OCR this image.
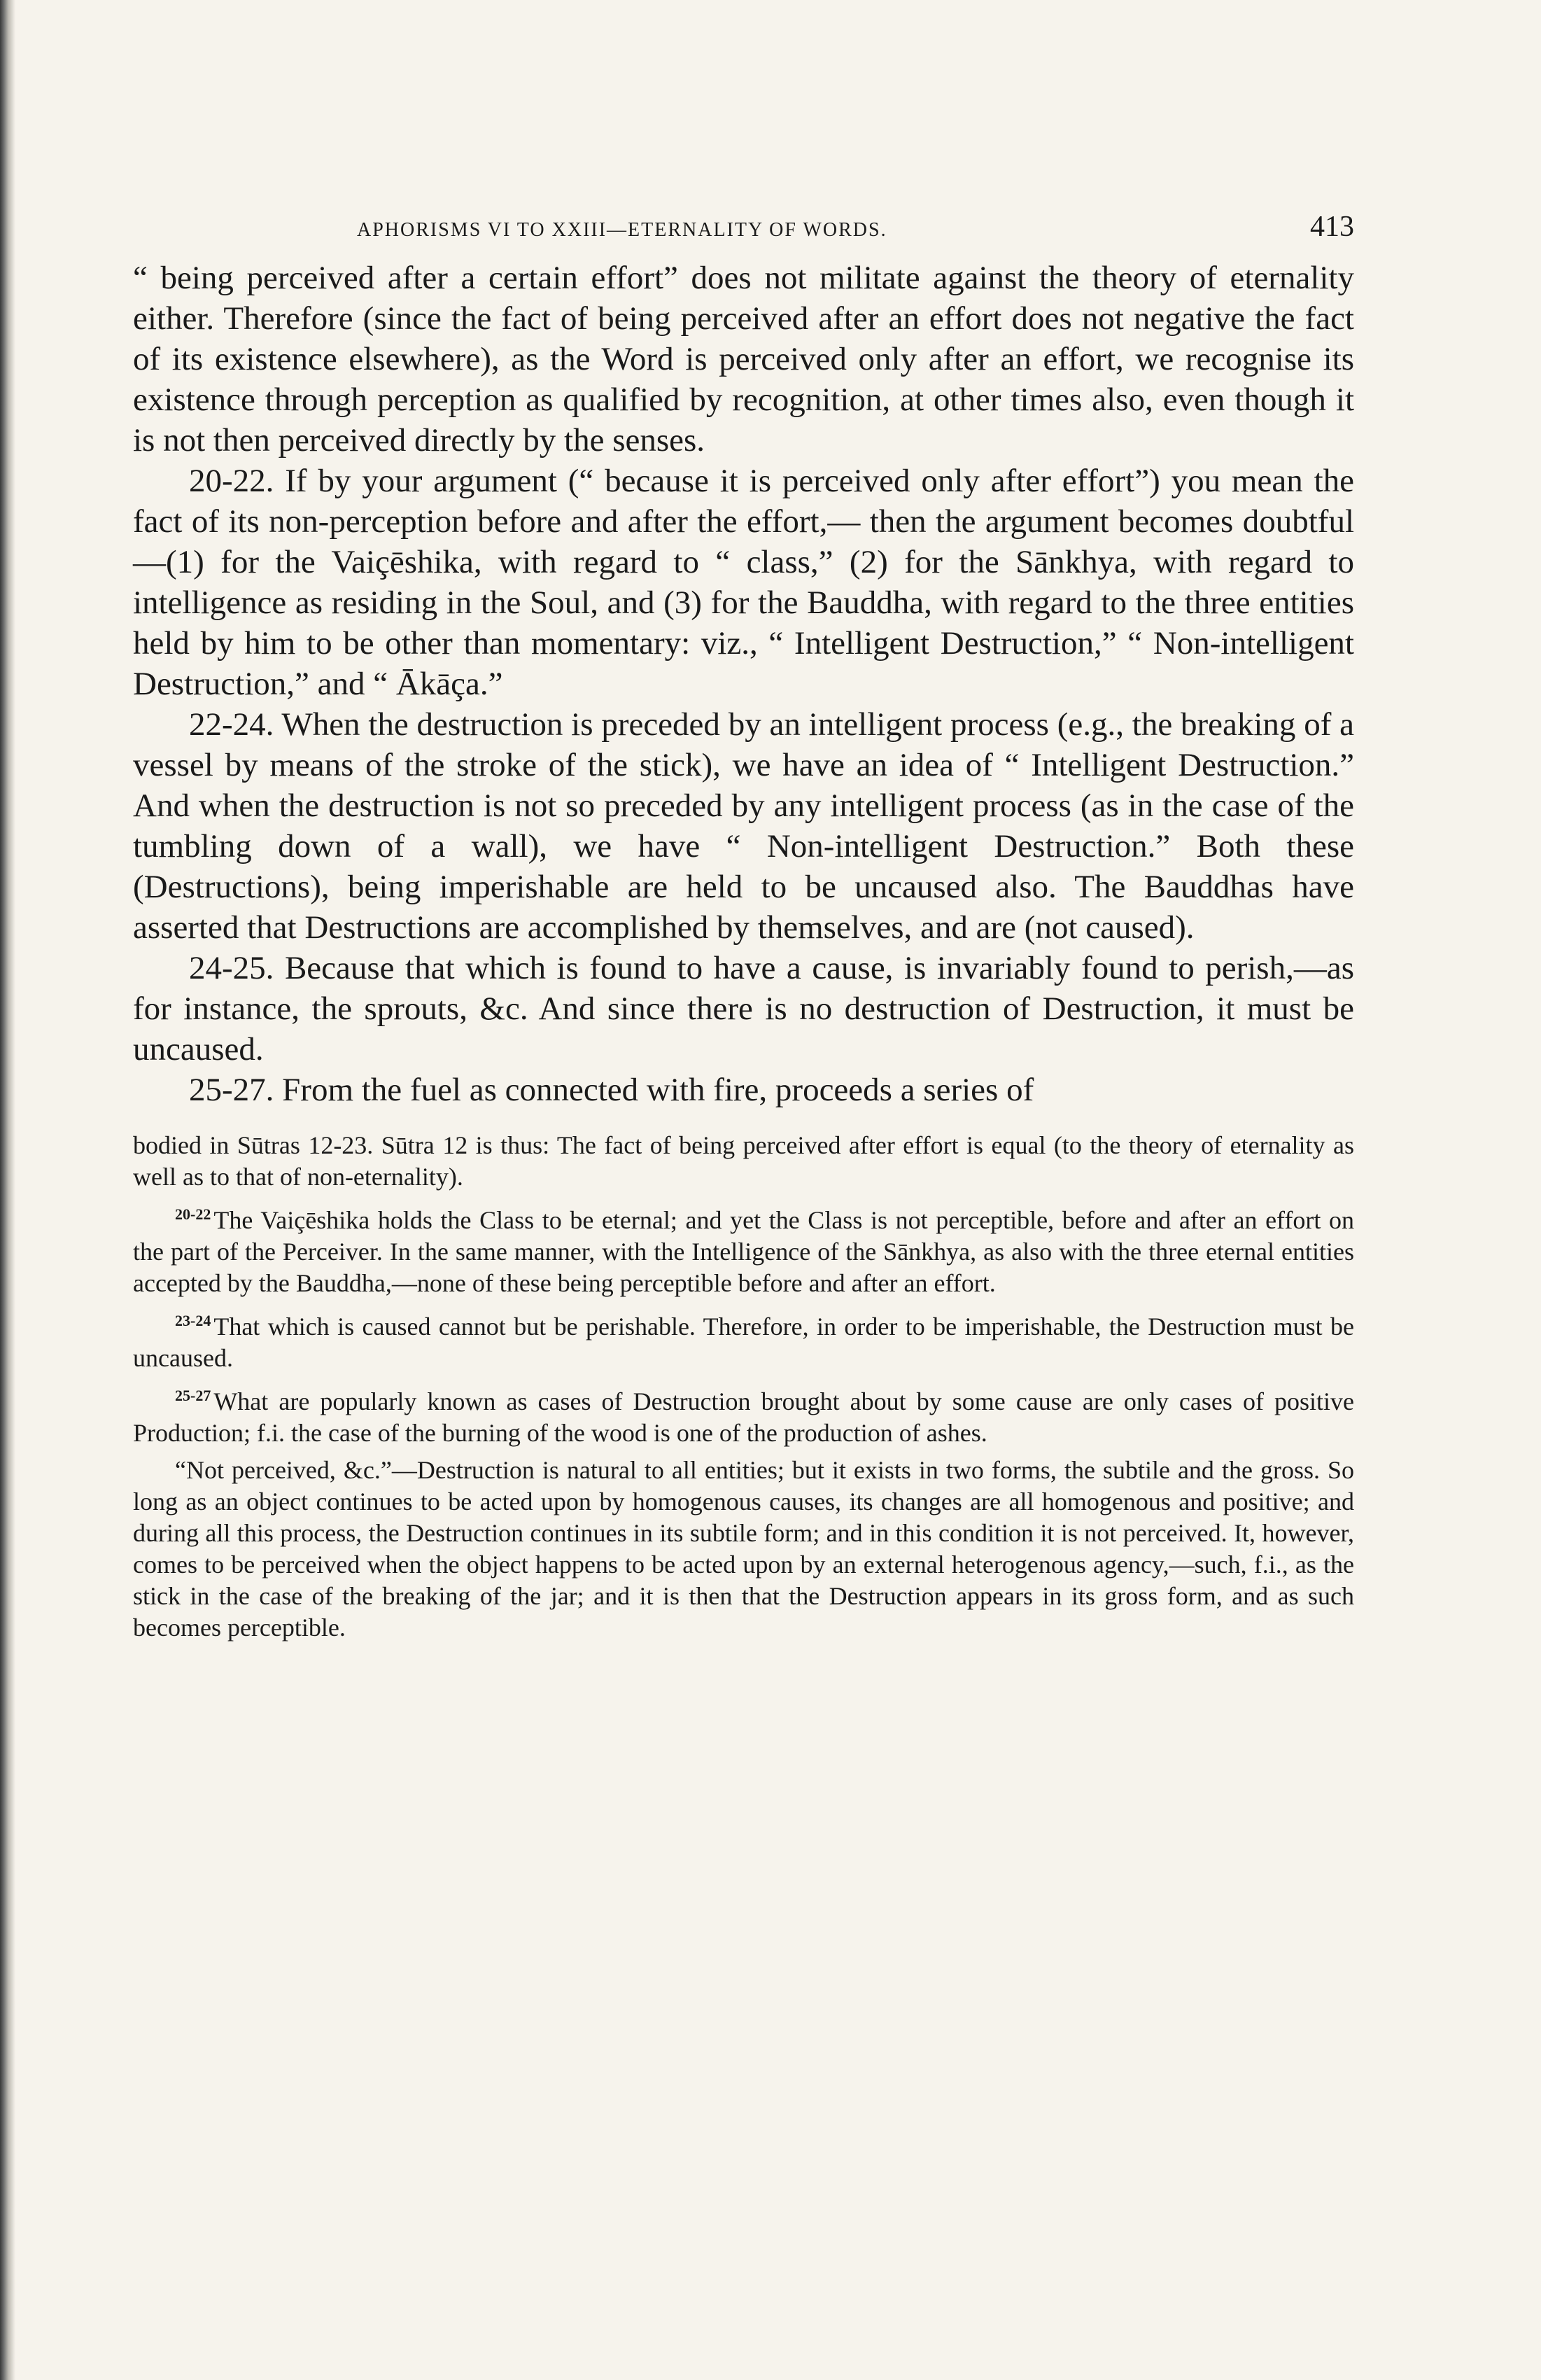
APHORISMS VI TO XXIII—ETERNALITY OF WORDS.	413

“ being perceived after a certain effort” does not militate against the theory of eternality either. Therefore (since the fact of being perceived after an effort does not negative the fact of its existence elsewhere), as the Word is perceived only after an effort, we recognise its existence through perception as qualified by recognition, at other times also, even though it is not then perceived directly by the senses.

20-22. If by your argument (“ because it is perceived only after effort”) you mean the fact of its non-perception before and after the effort,— then the argument becomes doubtful—(1) for the Vaiçēshika, with regard to “ class,” (2) for the Sānkhya, with regard to intelligence as residing in the Soul, and (3) for the Bauddha, with regard to the three entities held by him to be other than momentary: viz., “ Intelligent Destruction,” “ Non-intelligent Destruction,” and “ Ākāça.”

22-24. When the destruction is preceded by an intelligent process (e.g., the breaking of a vessel by means of the stroke of the stick), we have an idea of “ Intelligent Destruction.” And when the destruction is not so preceded by any intelligent process (as in the case of the tumbling down of a wall), we have “ Non-intelligent Destruction.” Both these (Destructions), being imperishable are held to be uncaused also. The Bauddhas have asserted that Destructions are accomplished by themselves, and are (not caused).

24-25. Because that which is found to have a cause, is invariably found to perish,—as for instance, the sprouts, &c. And since there is no destruction of Destruction, it must be uncaused.

25-27. From the fuel as connected with fire, proceeds a series of

bodied in Sūtras 12-23. Sūtra 12 is thus: The fact of being perceived after effort is equal (to the theory of eternality as well as to that of non-eternality).

$^{20-22}$ The Vaiçēshika holds the Class to be eternal; and yet the Class is not perceptible, before and after an effort on the part of the Perceiver. In the same manner, with the Intelligence of the Sānkhya, as also with the three eternal entities accepted by the Bauddha,—none of these being perceptible before and after an effort.

$^{23-24}$ That which is caused cannot but be perishable. Therefore, in order to be imperishable, the Destruction must be uncaused.

$^{25-27}$ What are popularly known as cases of Destruction brought about by some cause are only cases of positive Production; f.i. the case of the burning of the wood is one of the production of ashes.

“Not perceived, &c.”—Destruction is natural to all entities; but it exists in two forms, the subtile and the gross. So long as an object continues to be acted upon by homogenous causes, its changes are all homogenous and positive; and during all this process, the Destruction continues in its subtile form; and in this condition it is not perceived. It, however, comes to be perceived when the object happens to be acted upon by an external heterogenous agency,—such, f.i., as the stick in the case of the breaking of the jar; and it is then that the Destruction appears in its gross form, and as such becomes perceptible.
